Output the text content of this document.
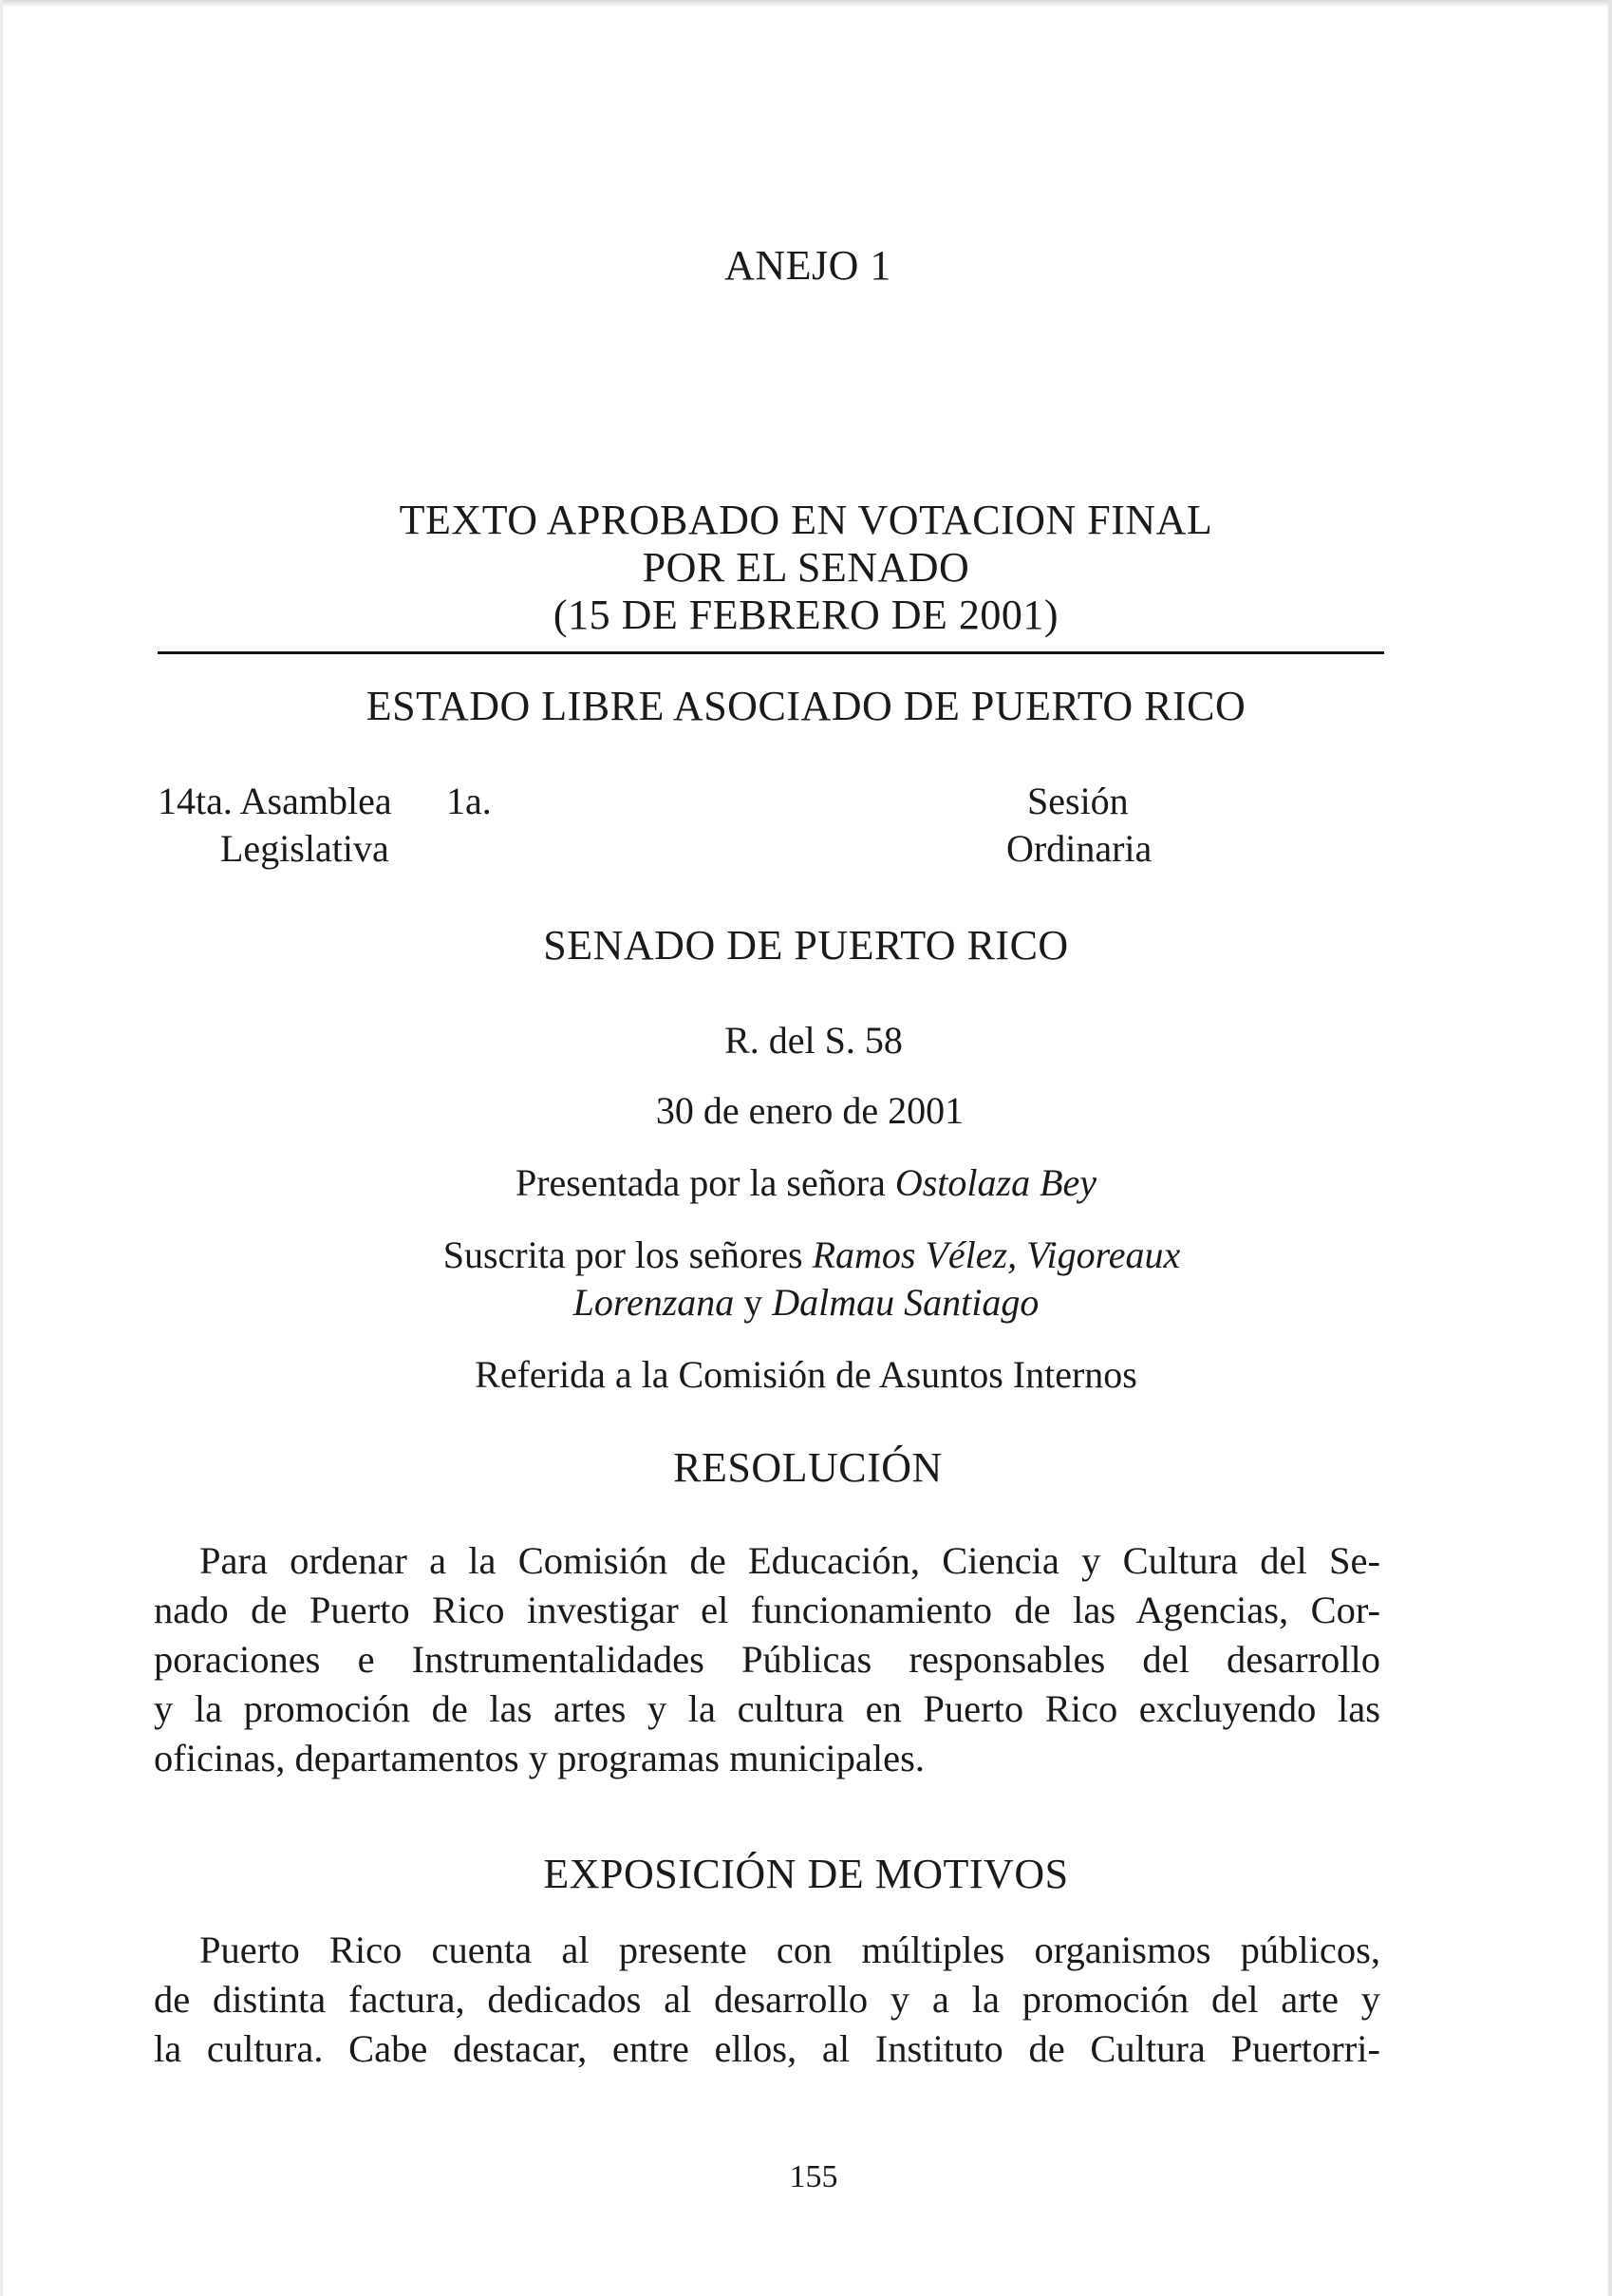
ANEJO 1
TEXTO APROBADO EN VOTACION FINAL
POR EL SENADO
(15 DE FEBRERO DE 2001)
ESTADO LIBRE ASOCIADO DE PUERTO RICO
14ta. Asamblea
Legislativa
1a.	Sesión
Ordinaria
SENADO DE PUERTO RICO
R. del S. 58
30 de enero de 2001
Presentada por la señora Ostolaza Bey
Suscrita por los señores Ramos Vélez, Vigoreaux
Lorenzana y Dalmau Santiago
Referida a la Comisión de Asuntos Internos
RESOLUCIÓN
Para ordenar a la Comisión de Educación, Ciencia y Cultura del Se-
nado de Puerto Rico investigar el funcionamiento de las Agencias, Cor-
poraciones e Instrumentalidades Públicas responsables del desarrollo
y la promoción de las artes y la cultura en Puerto Rico excluyendo las
oficinas, departamentos y programas municipales.
EXPOSICIÓN DE MOTIVOS
Puerto Rico cuenta al presente con múltiples organismos públicos,
de distinta factura, dedicados al desarrollo y a la promoción del arte y
la cultura. Cabe destacar, entre ellos, al Instituto de Cultura Puertorri-
155
